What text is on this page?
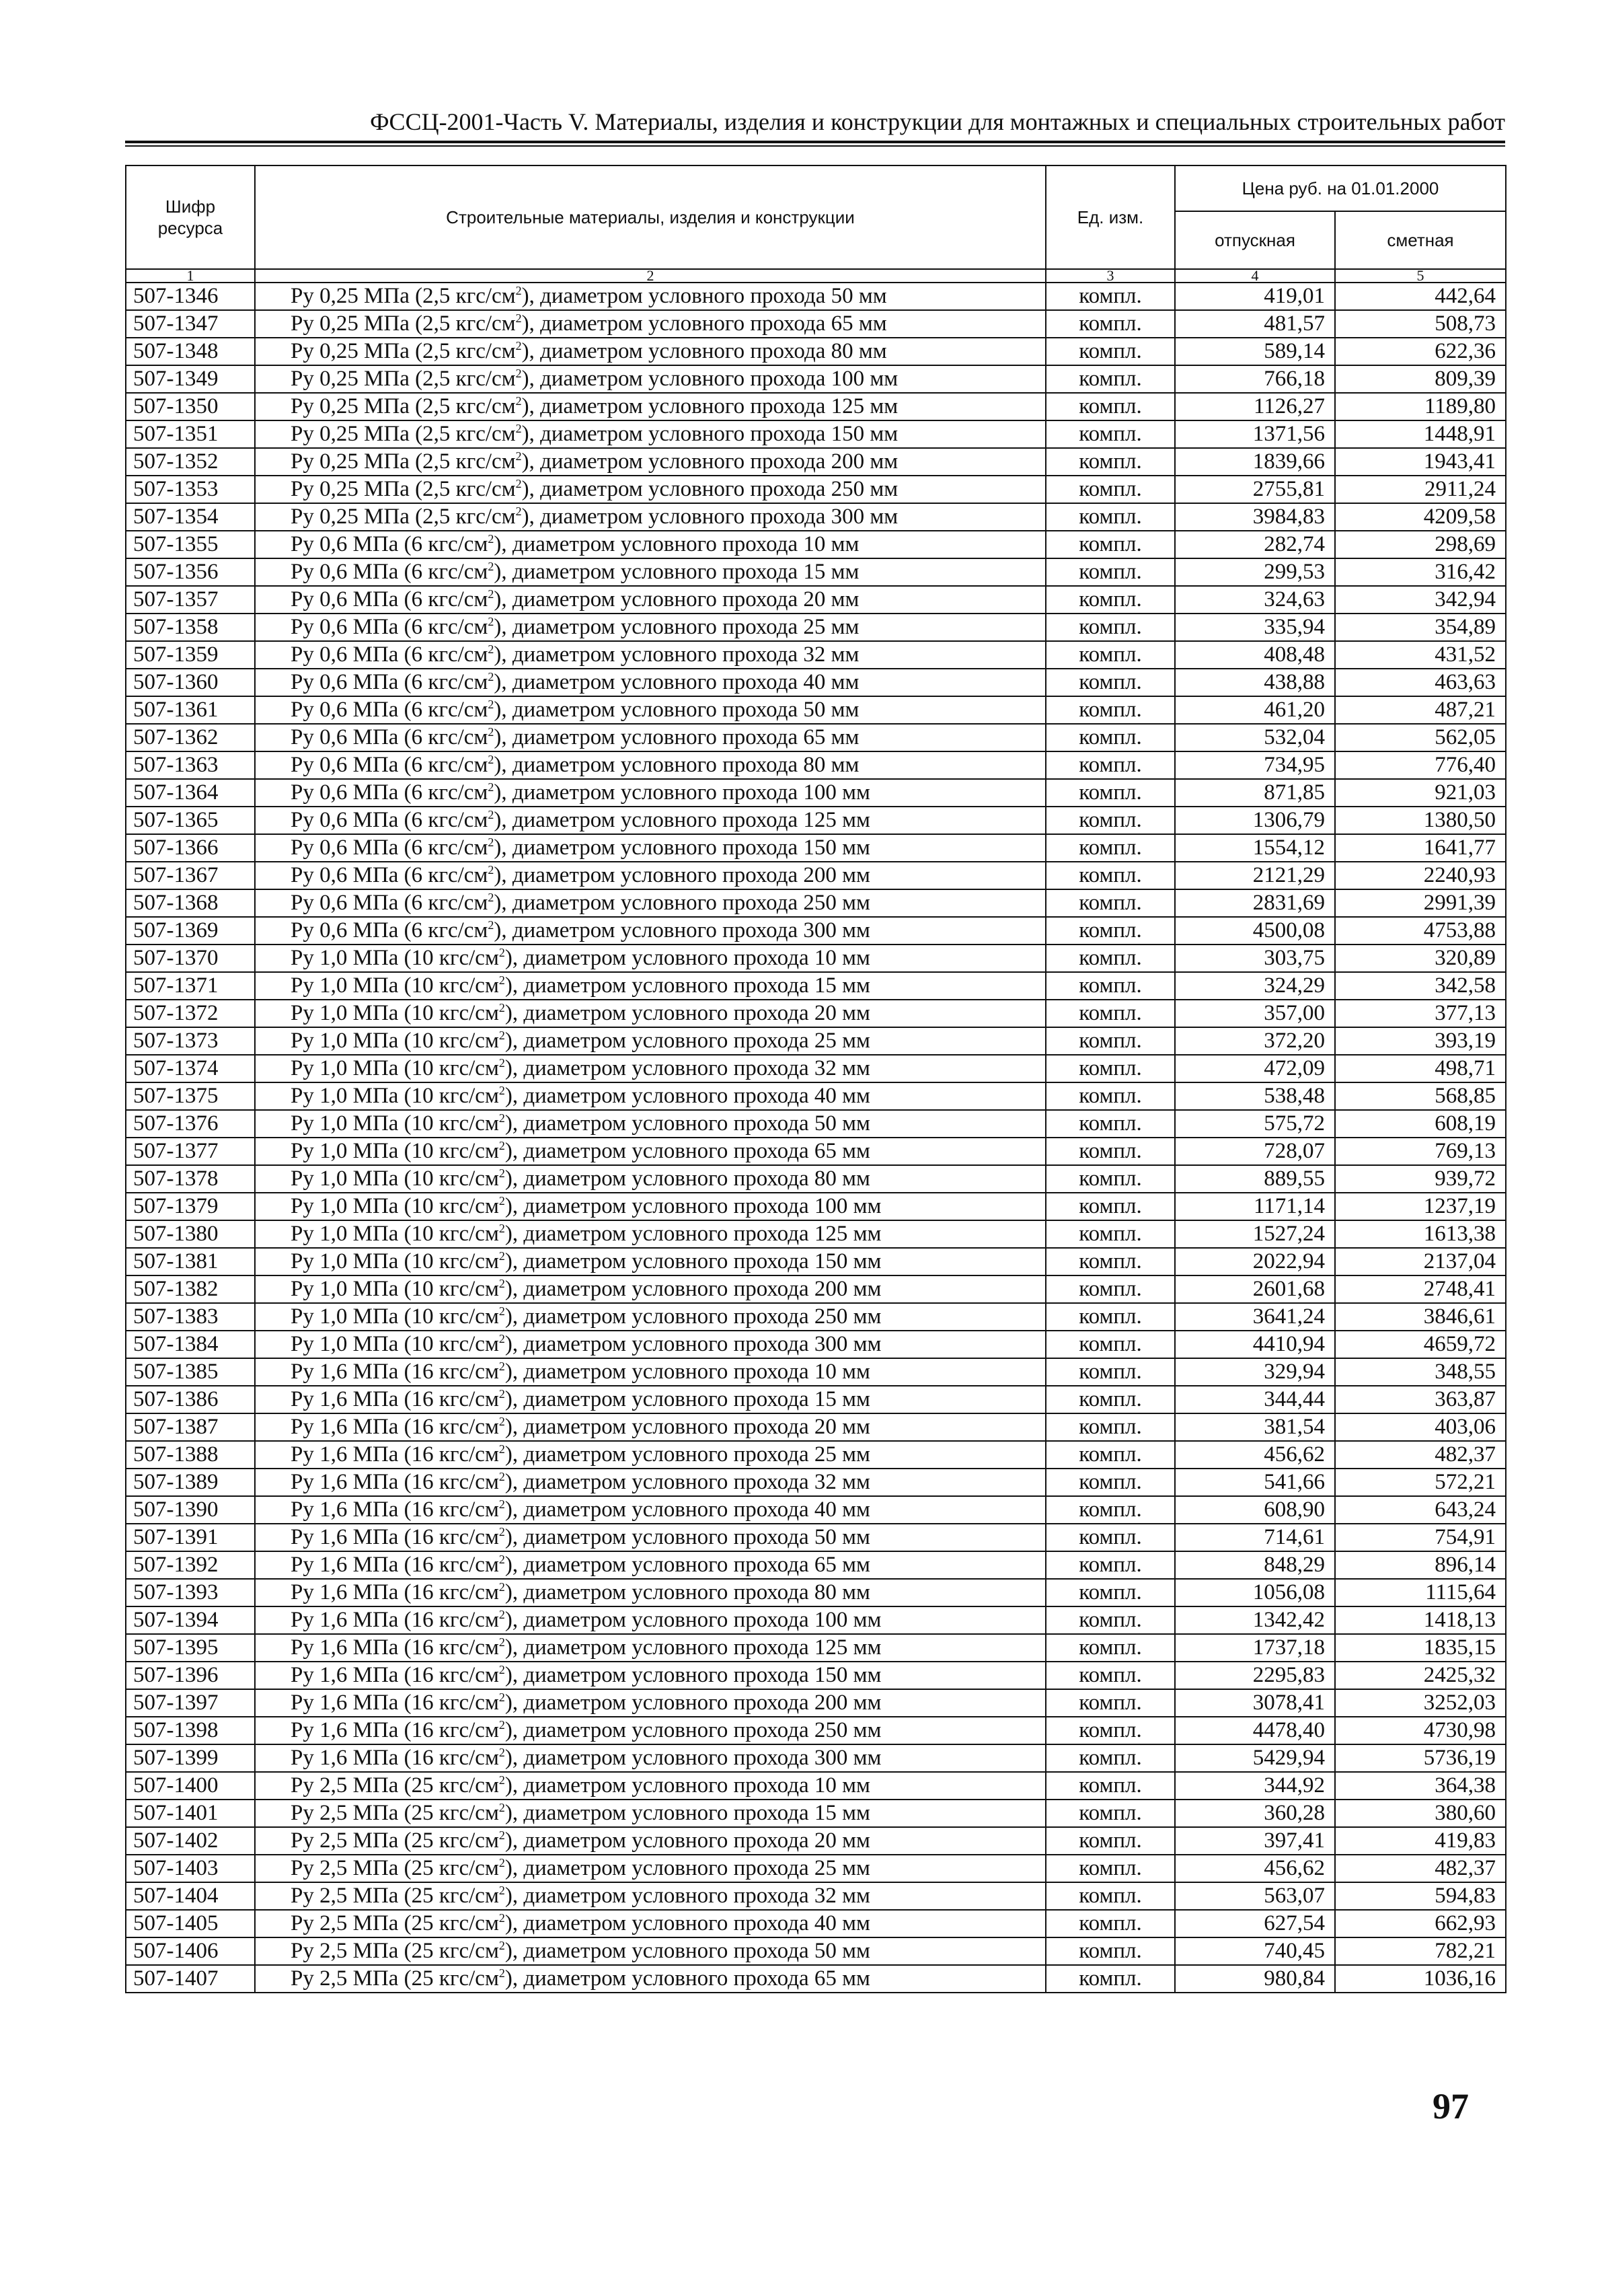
ФССЦ-2001-Часть V. Материалы, изделия и конструкции для монтажных и специальных строительных работ
Шифр ресурса	Строительные материалы, изделия и конструкции	Ед. изм.	Цена руб. на 01.01.2000	
			отпускная	сметная
1	2	3	4	5
507-1346	Ру 0,25 МПа (2,5 кгс/$см^2$), диаметром условного прохода 50 мм	компл.	419,01	442,64
507-1347	Ру 0,25 МПа (2,5 кгс/$см^2$), диаметром условного прохода 65 мм	компл.	481,57	508,73
507-1348	Ру 0,25 МПа (2,5 кгс/$см^2$), диаметром условного прохода 80 мм	компл.	589,14	622,36
507-1349	Ру 0,25 МПа (2,5 кгс/$см^2$), диаметром условного прохода 100 мм	компл.	766,18	809,39
507-1350	Ру 0,25 МПа (2,5 кгс/$см^2$), диаметром условного прохода 125 мм	компл.	1126,27	1189,80
507-1351	Ру 0,25 МПа (2,5 кгс/$см^2$), диаметром условного прохода 150 мм	компл.	1371,56	1448,91
507-1352	Ру 0,25 МПа (2,5 кгс/$см^2$), диаметром условного прохода 200 мм	компл.	1839,66	1943,41
507-1353	Ру 0,25 МПа (2,5 кгс/$см^2$), диаметром условного прохода 250 мм	компл.	2755,81	2911,24
507-1354	Ру 0,25 МПа (2,5 кгс/$см^2$), диаметром условного прохода 300 мм	компл.	3984,83	4209,58
507-1355	Ру 0,6 МПа (6 кгс/$см^2$), диаметром условного прохода 10 мм	компл.	282,74	298,69
507-1356	Ру 0,6 МПа (6 кгс/$см^2$), диаметром условного прохода 15 мм	компл.	299,53	316,42
507-1357	Ру 0,6 МПа (6 кгс/$см^2$), диаметром условного прохода 20 мм	компл.	324,63	342,94
507-1358	Ру 0,6 МПа (6 кгс/$см^2$), диаметром условного прохода 25 мм	компл.	335,94	354,89
507-1359	Ру 0,6 МПа (6 кгс/$см^2$), диаметром условного прохода 32 мм	компл.	408,48	431,52
507-1360	Ру 0,6 МПа (6 кгс/$см^2$), диаметром условного прохода 40 мм	компл.	438,88	463,63
507-1361	Ру 0,6 МПа (6 кгс/$см^2$), диаметром условного прохода 50 мм	компл.	461,20	487,21
507-1362	Ру 0,6 МПа (6 кгс/$см^2$), диаметром условного прохода 65 мм	компл.	532,04	562,05
507-1363	Ру 0,6 МПа (6 кгс/$см^2$), диаметром условного прохода 80 мм	компл.	734,95	776,40
507-1364	Ру 0,6 МПа (6 кгс/$см^2$), диаметром условного прохода 100 мм	компл.	871,85	921,03
507-1365	Ру 0,6 МПа (6 кгс/$см^2$), диаметром условного прохода 125 мм	компл.	1306,79	1380,50
507-1366	Ру 0,6 МПа (6 кгс/$см^2$), диаметром условного прохода 150 мм	компл.	1554,12	1641,77
507-1367	Ру 0,6 МПа (6 кгс/$см^2$), диаметром условного прохода 200 мм	компл.	2121,29	2240,93
507-1368	Ру 0,6 МПа (6 кгс/$см^2$), диаметром условного прохода 250 мм	компл.	2831,69	2991,39
507-1369	Ру 0,6 МПа (6 кгс/$см^2$), диаметром условного прохода 300 мм	компл.	4500,08	4753,88
507-1370	Ру 1,0 МПа (10 кгс/$см^2$), диаметром условного прохода 10 мм	компл.	303,75	320,89
507-1371	Ру 1,0 МПа (10 кгс/$см^2$), диаметром условного прохода 15 мм	компл.	324,29	342,58
507-1372	Ру 1,0 МПа (10 кгс/$см^2$), диаметром условного прохода 20 мм	компл.	357,00	377,13
507-1373	Ру 1,0 МПа (10 кгс/$см^2$), диаметром условного прохода 25 мм	компл.	372,20	393,19
507-1374	Ру 1,0 МПа (10 кгс/$см^2$), диаметром условного прохода 32 мм	компл.	472,09	498,71
507-1375	Ру 1,0 МПа (10 кгс/$см^2$), диаметром условного прохода 40 мм	компл.	538,48	568,85
507-1376	Ру 1,0 МПа (10 кгс/$см^2$), диаметром условного прохода 50 мм	компл.	575,72	608,19
507-1377	Ру 1,0 МПа (10 кгс/$см^2$), диаметром условного прохода 65 мм	компл.	728,07	769,13
507-1378	Ру 1,0 МПа (10 кгс/$см^2$), диаметром условного прохода 80 мм	компл.	889,55	939,72
507-1379	Ру 1,0 МПа (10 кгс/$см^2$), диаметром условного прохода 100 мм	компл.	1171,14	1237,19
507-1380	Ру 1,0 МПа (10 кгс/$см^2$), диаметром условного прохода 125 мм	компл.	1527,24	1613,38
507-1381	Ру 1,0 МПа (10 кгс/$см^2$), диаметром условного прохода 150 мм	компл.	2022,94	2137,04
507-1382	Ру 1,0 МПа (10 кгс/$см^2$), диаметром условного прохода 200 мм	компл.	2601,68	2748,41
507-1383	Ру 1,0 МПа (10 кгс/$см^2$), диаметром условного прохода 250 мм	компл.	3641,24	3846,61
507-1384	Ру 1,0 МПа (10 кгс/$см^2$), диаметром условного прохода 300 мм	компл.	4410,94	4659,72
507-1385	Ру 1,6 МПа (16 кгс/$см^2$), диаметром условного прохода 10 мм	компл.	329,94	348,55
507-1386	Ру 1,6 МПа (16 кгс/$см^2$), диаметром условного прохода 15 мм	компл.	344,44	363,87
507-1387	Ру 1,6 МПа (16 кгс/$см^2$), диаметром условного прохода 20 мм	компл.	381,54	403,06
507-1388	Ру 1,6 МПа (16 кгс/$см^2$), диаметром условного прохода 25 мм	компл.	456,62	482,37
507-1389	Ру 1,6 МПа (16 кгс/$см^2$), диаметром условного прохода 32 мм	компл.	541,66	572,21
507-1390	Ру 1,6 МПа (16 кгс/$см^2$), диаметром условного прохода 40 мм	компл.	608,90	643,24
507-1391	Ру 1,6 МПа (16 кгс/$см^2$), диаметром условного прохода 50 мм	компл.	714,61	754,91
507-1392	Ру 1,6 МПа (16 кгс/$см^2$), диаметром условного прохода 65 мм	компл.	848,29	896,14
507-1393	Ру 1,6 МПа (16 кгс/$см^2$), диаметром условного прохода 80 мм	компл.	1056,08	1115,64
507-1394	Ру 1,6 МПа (16 кгс/$см^2$), диаметром условного прохода 100 мм	компл.	1342,42	1418,13
507-1395	Ру 1,6 МПа (16 кгс/$см^2$), диаметром условного прохода 125 мм	компл.	1737,18	1835,15
507-1396	Ру 1,6 МПа (16 кгс/$см^2$), диаметром условного прохода 150 мм	компл.	2295,83	2425,32
507-1397	Ру 1,6 МПа (16 кгс/$см^2$), диаметром условного прохода 200 мм	компл.	3078,41	3252,03
507-1398	Ру 1,6 МПа (16 кгс/$см^2$), диаметром условного прохода 250 мм	компл.	4478,40	4730,98
507-1399	Ру 1,6 МПа (16 кгс/$см^2$), диаметром условного прохода 300 мм	компл.	5429,94	5736,19
507-1400	Ру 2,5 МПа (25 кгс/$см^2$), диаметром условного прохода 10 мм	компл.	344,92	364,38
507-1401	Ру 2,5 МПа (25 кгс/$см^2$), диаметром условного прохода 15 мм	компл.	360,28	380,60
507-1402	Ру 2,5 МПа (25 кгс/$см^2$), диаметром условного прохода 20 мм	компл.	397,41	419,83
507-1403	Ру 2,5 МПа (25 кгс/$см^2$), диаметром условного прохода 25 мм	компл.	456,62	482,37
507-1404	Ру 2,5 МПа (25 кгс/$см^2$), диаметром условного прохода 32 мм	компл.	563,07	594,83
507-1405	Ру 2,5 МПа (25 кгс/$см^2$), диаметром условного прохода 40 мм	компл.	627,54	662,93
507-1406	Ру 2,5 МПа (25 кгс/$см^2$), диаметром условного прохода 50 мм	компл.	740,45	782,21
507-1407	Ру 2,5 МПа (25 кгс/$см^2$), диаметром условного прохода 65 мм	компл.	980,84	1036,16
97
